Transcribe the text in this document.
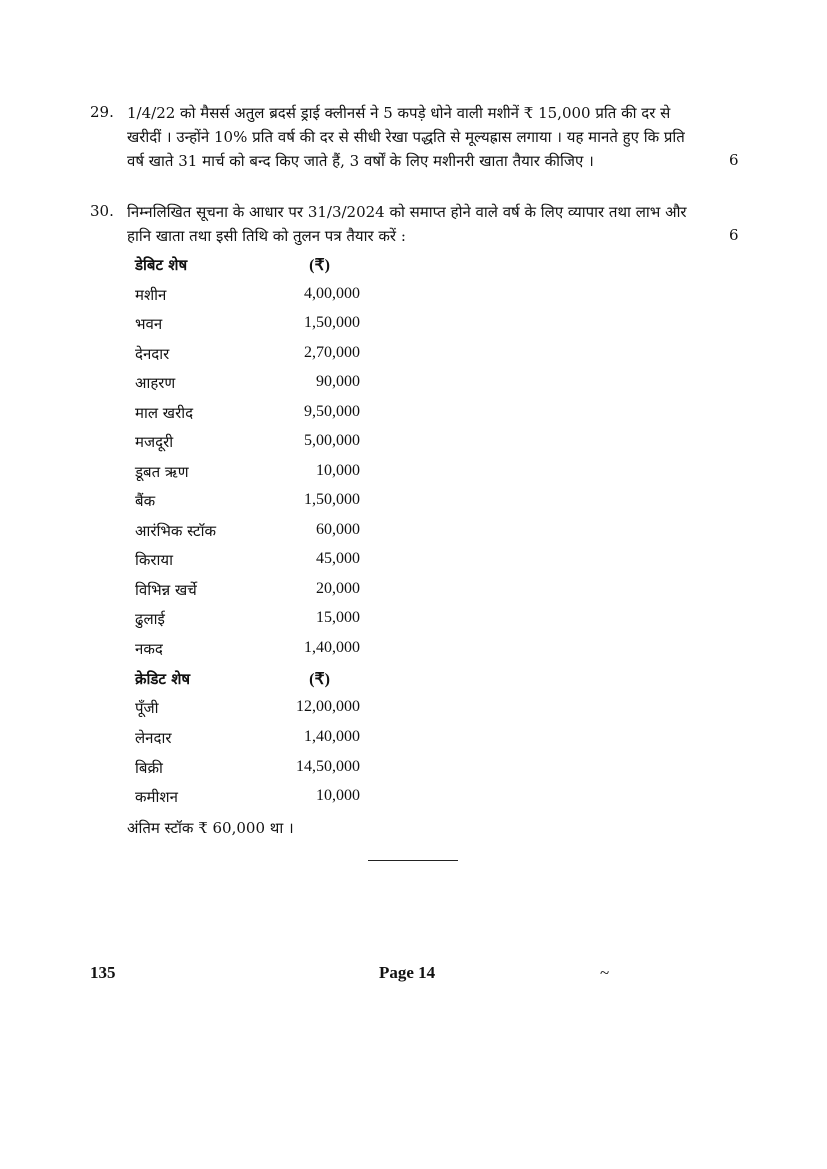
29. 1/4/22 को मैसर्स अतुल ब्रदर्स ड्राई क्लीनर्स ने 5 कपड़े धोने वाली मशीनें ₹ 15,000 प्रति की दर से
खरीदीं । उन्होंने 10% प्रति वर्ष की दर से सीधी रेखा पद्धति से मूल्यह्रास लगाया । यह मानते हुए कि प्रति
वर्ष खाते 31 मार्च को बन्द किए जाते हैं, 3 वर्षों के लिए मशीनरी खाता तैयार कीजिए ।	6
30. निम्नलिखित सूचना के आधार पर 31/3/2024 को समाप्त होने वाले वर्ष के लिए व्यापार तथा लाभ और
हानि खाता तथा इसी तिथि को तुलन पत्र तैयार करें :	6
डेबिट शेष	(₹)
मशीन	4,00,000
भवन	1,50,000
देनदार	2,70,000
आहरण	90,000
माल खरीद	9,50,000
मजदूरी	5,00,000
डूबत ऋण	10,000
बैंक	1,50,000
आरंभिक स्टॉक	60,000
किराया	45,000
विभिन्न खर्चे	20,000
ढुलाई	15,000
नकद	1,40,000
क्रेडिट शेष	(₹)
पूँजी	12,00,000
लेनदार	1,40,000
बिक्री	14,50,000
कमीशन	10,000
अंतिम स्टॉक ₹ 60,000 था ।
135	Page 14	~
